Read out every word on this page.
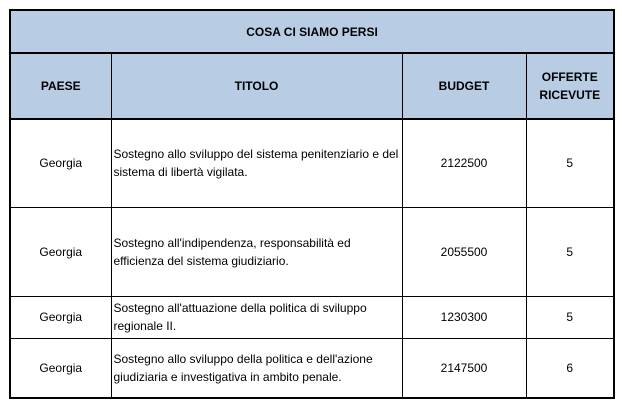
COSA CI SIAMO PERSI			
PAESE	TITOLO	BUDGET	OFFERTE RICEVUTE
Georgia	Sostegno allo sviluppo del sistema penitenziario e del sistema di libertà vigilata.	2122500	5
Georgia	Sostegno all'indipendenza, responsabilità ed efficienza del sistema giudiziario.	2055500	5
Georgia	Sostegno all'attuazione della politica di sviluppo regionale II.	1230300	5
Georgia	Sostegno allo sviluppo della politica e dell'azione giudiziaria e investigativa in ambito penale.	2147500	6
